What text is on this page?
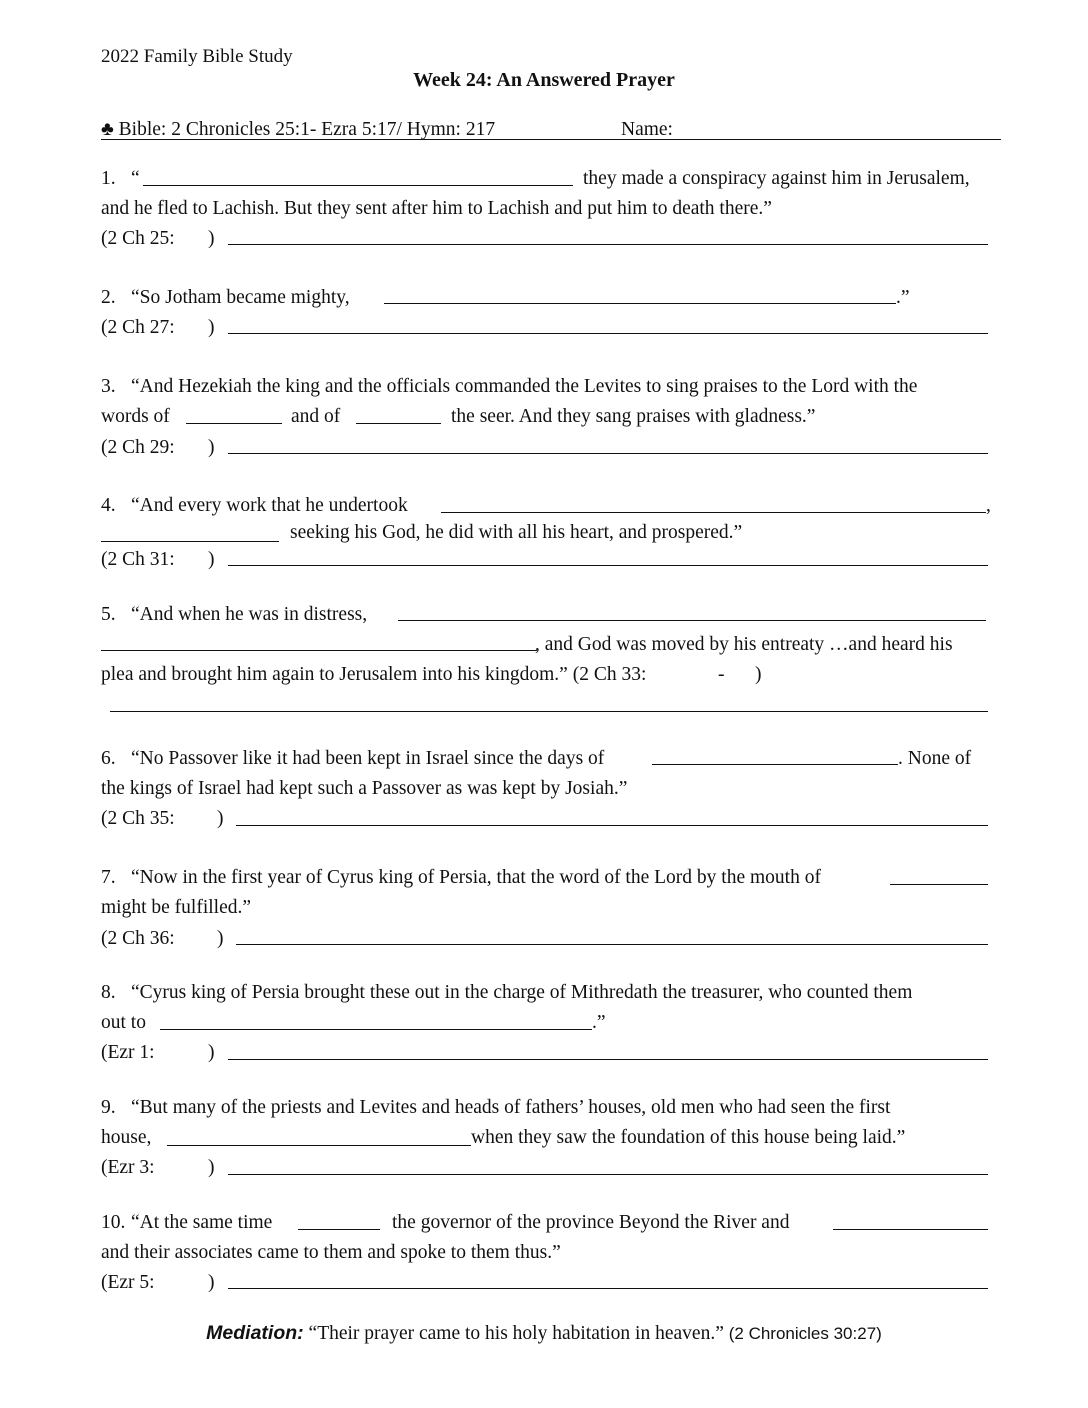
2022 Family Bible Study
Week 24: An Answered Prayer
♣ Bible: 2 Chronicles 25:1- Ezra 5:17/ Hymn: 217	Name:
1. “	they made a conspiracy against him in Jerusalem,
and he fled to Lachish. But they sent after him to Lachish and put him to death there.”
(2 Ch 25: )
2. “So Jotham became mighty,	.”
(2 Ch 27: )
3. “And Hezekiah the king and the officials commanded the Levites to sing praises to the Lord with the
words of	and of	the seer. And they sang praises with gladness.”
(2 Ch 29: )
4. “And every work that he undertook	,
seeking his God, he did with all his heart, and prospered.”
(2 Ch 31: )
5. “And when he was in distress,
, and God was moved by his entreaty …and heard his
plea and brought him again to Jerusalem into his kingdom.” (2 Ch 33:	- )
6. “No Passover like it had been kept in Israel since the days of	. None of
the kings of Israel had kept such a Passover as was kept by Josiah.”
(2 Ch 35: )
7. “Now in the first year of Cyrus king of Persia, that the word of the Lord by the mouth of
might be fulfilled.”
(2 Ch 36: )
8. “Cyrus king of Persia brought these out in the charge of Mithredath the treasurer, who counted them
out to	.”
(Ezr 1:	)
9. “But many of the priests and Levites and heads of fathers’ houses, old men who had seen the first
house,	when they saw the foundation of this house being laid.”
(Ezr 3:	)
10. “At the same time	the governor of the province Beyond the River and
and their associates came to them and spoke to them thus.”
(Ezr 5:	)
Mediation: “Their prayer came to his holy habitation in heaven.” (2 Chronicles 30:27)
